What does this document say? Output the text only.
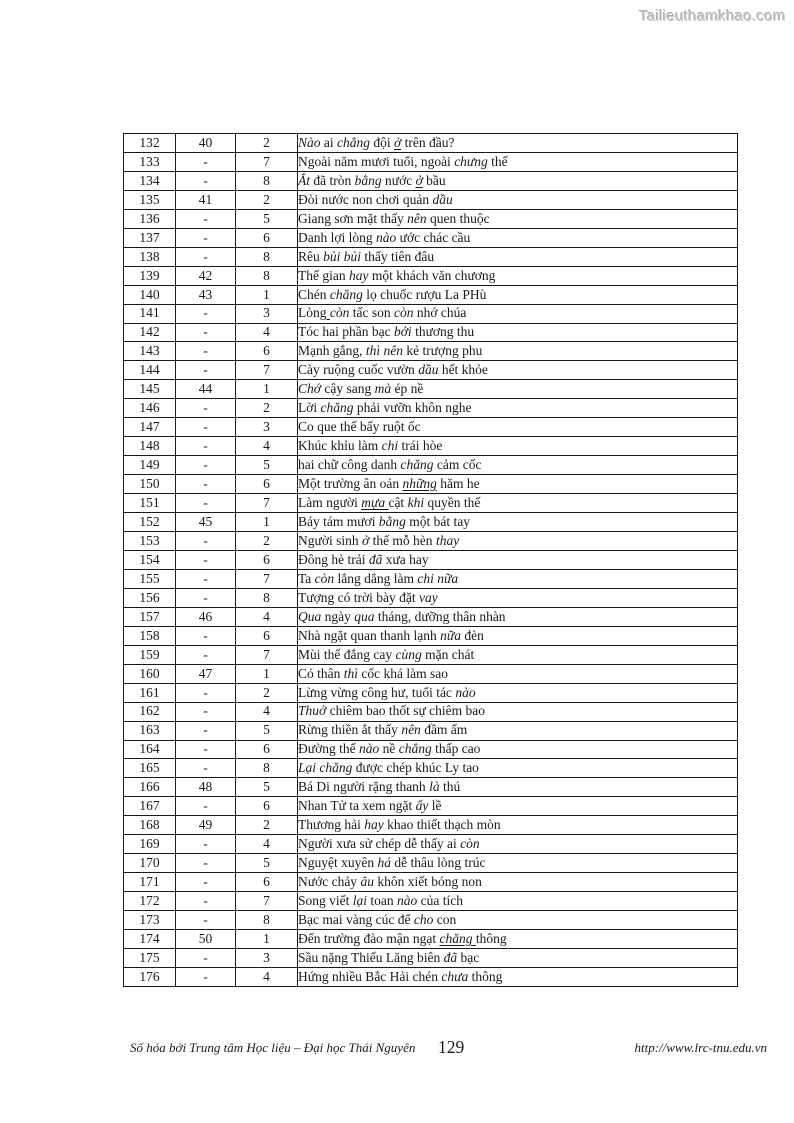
Tailieuthamkhao.com
132	40	2	Nào ai chẳng đội ở trên đầu?
133	-	7	Ngoài năm mươi tuổi, ngoài chưng thế
134	-	8	Ắt đã tròn bằng nước ở bầu
135	41	2	Đòi nước non chơi quản dầu
136	-	5	Giang sơn mặt thấy nên quen thuộc
137	-	6	Danh lợi lòng nào ước chác cầu
138	-	8	Rêu bủi bủi thấy tiên đâu
139	42	8	Thế gian hay một khách văn chương
140	43	1	Chén chăng lọ chuốc rượu La PHù
141	-	3	Lòng còn tấc son còn nhớ chúa
142	-	4	Tóc hai phần bạc bởi thương thu
143	-	6	Mạnh gắng, thì nên kẻ trượng phu
144	-	7	Cày ruộng cuốc vườn dầu hết khỏe
145	44	1	Chớ cậy sang mà ép nề
146	-	2	Lời chăng phải vưỡn khôn nghe
147	-	3	Co que thế bấy ruột ốc
148	-	4	Khúc khỉu làm chi trái hòe
149	-	5	hai chữ công danh chăng cảm cốc
150	-	6	Một trường ân oán những hăm he
151	-	7	Làm người mựa cật khi quyền thế
152	45	1	Bảy tám mươi bằng một bát tay
153	-	2	Người sinh ở thế mỗ hèn thay
154	-	6	Đông hè trải đã xưa hay
155	-	7	Ta còn lẳng dẳng làm chi nữa
156	-	8	Tượng có trời bày đặt vay
157	46	4	Qua ngày qua tháng, dưỡng thân nhàn
158	-	6	Nhà ngặt quan thanh lạnh nữa đèn
159	-	7	Mùi thế đắng cay cùng mặn chát
160	47	1	Có thân thì cốc khá làm sao
161	-	2	Lừng vừng công hư, tuổi tác nào
162	-	4	Thuở chiêm bao thốt sự chiêm bao
163	-	5	Rừng thiền ắt thấy nên đầm ấm
164	-	6	Đường thế nào nề chẳng thấp cao
165	-	8	Lại chăng được chép khúc Ly tao
166	48	5	Bá Di người rặng thanh là thú
167	-	6	Nhan Tử ta xem ngặt ấy lề
168	49	2	Thương hải hay khao thiết thạch mòn
169	-	4	Người xưa sử chép dễ thấy ai còn
170	-	5	Nguyệt xuyên há dễ thâu lòng trúc
171	-	6	Nước chảy âu khôn xiết bóng non
172	-	7	Song viết lại toan nào của tích
173	-	8	Bạc mai vàng cúc để cho con
174	50	1	Đến trường đào mận ngạt chăng thông
175	-	3	Sầu nặng Thiếu Lăng biên đã bạc
176	-	4	Hứng nhiều Bắc Hải chén chưa thông
Số hóa bởi Trung tâm Học liệu – Đại học Thái Nguyên 129	http://www.lrc-tnu.edu.vn
